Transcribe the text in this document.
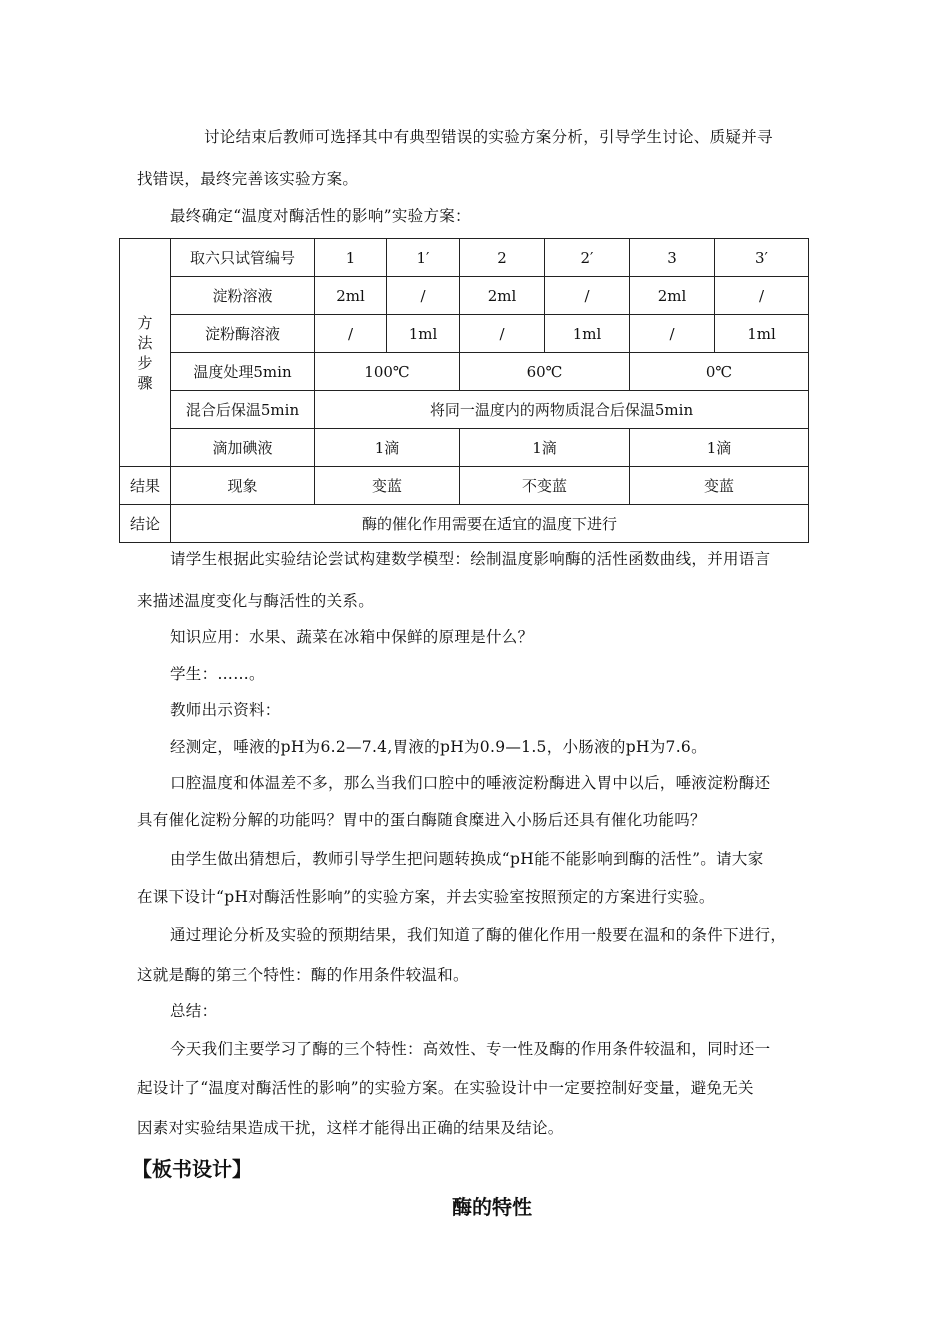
讨论结束后教师可选择其中有典型错误的实验方案分析，引导学生讨论、质疑并寻
找错误，最终完善该实验方案。
最终确定“温度对酶活性的影响”实验方案：
方
法
步
骤	取六只试管编号	1	1′	2	2′	3	3′
	淀粉溶液	2ml	/	2ml	/	2ml	/
	淀粉酶溶液	/	1ml	/	1ml	/	1ml
	温度处理5min	100℃		60℃		0℃	
	混合后保温5min	将同一温度内的两物质混合后保温5min					
	滴加碘液	1滴		1滴		1滴	
结果	现象	变蓝		不变蓝		变蓝	
结论	酶的催化作用需要在适宜的温度下进行						
请学生根据此实验结论尝试构建数学模型：绘制温度影响酶的活性函数曲线，并用语言
来描述温度变化与酶活性的关系。
知识应用：水果、蔬菜在冰箱中保鲜的原理是什么？
学生：……。
教师出示资料：
经测定，唾液的pH为6.2—7.4,胃液的pH为0.9—1.5，小肠液的pH为7.6。
口腔温度和体温差不多，那么当我们口腔中的唾液淀粉酶进入胃中以后，唾液淀粉酶还
具有催化淀粉分解的功能吗？胃中的蛋白酶随食糜进入小肠后还具有催化功能吗？
由学生做出猜想后，教师引导学生把问题转换成“pH能不能影响到酶的活性”。请大家
在课下设计“pH对酶活性影响”的实验方案，并去实验室按照预定的方案进行实验。
通过理论分析及实验的预期结果，我们知道了酶的催化作用一般要在温和的条件下进行，
这就是酶的第三个特性：酶的作用条件较温和。
总结：
今天我们主要学习了酶的三个特性：高效性、专一性及酶的作用条件较温和，同时还一
起设计了“温度对酶活性的影响”的实验方案。在实验设计中一定要控制好变量，避免无关
因素对实验结果造成干扰，这样才能得出正确的结果及结论。
【板书设计】
酶的特性
